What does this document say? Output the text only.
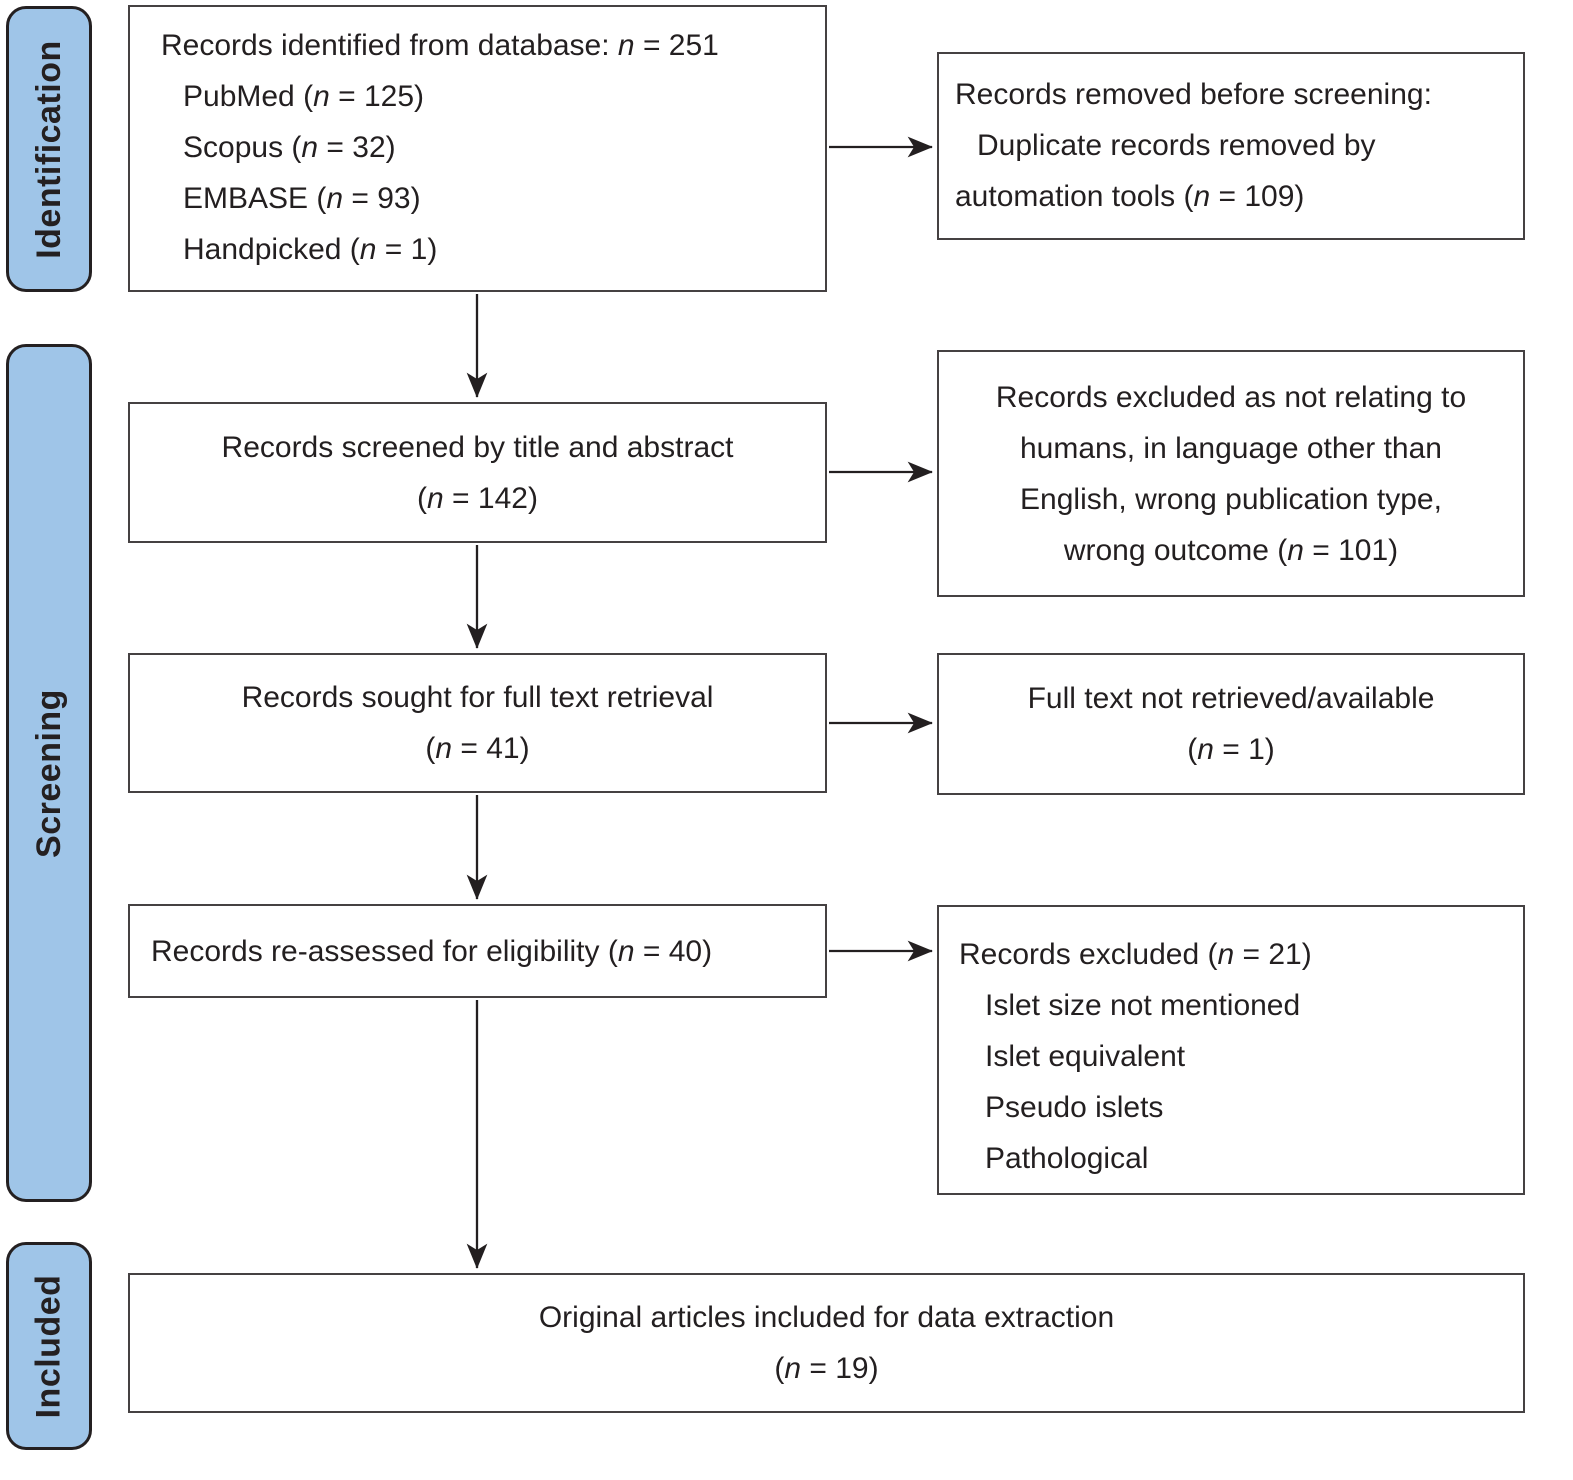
Identification
Screening
Included
Records identified from database: n = 251
PubMed (n = 125)
Scopus (n = 32)
EMBASE (n = 93)
Handpicked (n = 1)
Records screened by title and abstract
(n = 142)
Records sought for full text retrieval
(n = 41)
Records re-assessed for eligibility (n = 40)
Original articles included for data extraction
(n = 19)
Records removed before screening:
Duplicate records removed by
automation tools (n = 109)
Records excluded as not relating to
humans, in language other than
English, wrong publication type,
wrong outcome (n = 101)
Full text not retrieved/available
(n = 1)
Records excluded (n = 21)
Islet size not mentioned
Islet equivalent
Pseudo islets
Pathological
